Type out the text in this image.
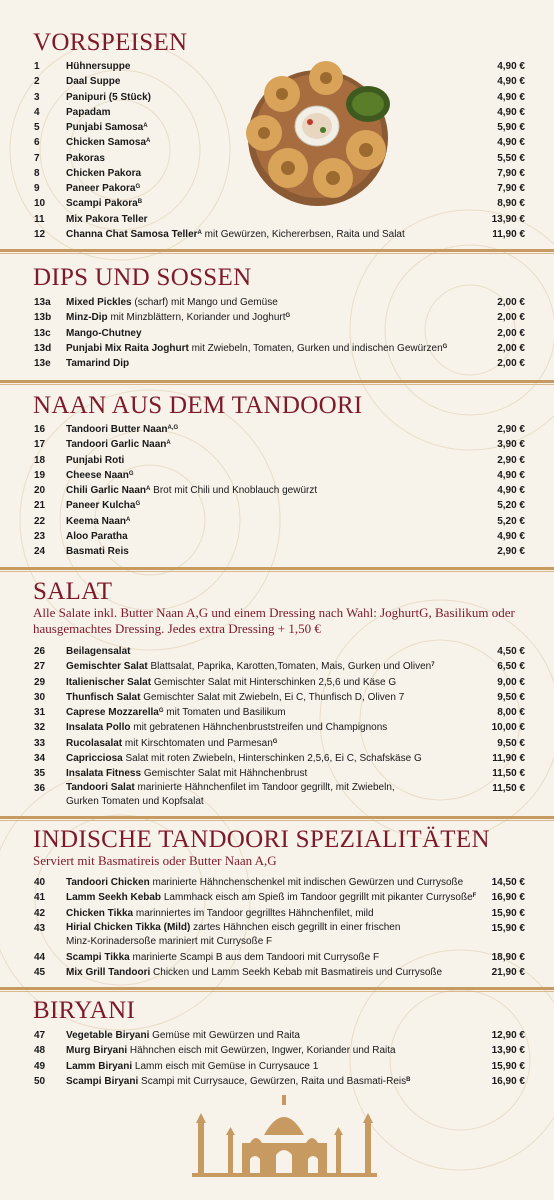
VORSPEISEN
1	Hühnersuppe	4,90 €
2	Daal Suppe	4,90 €
3	Panipuri (5 Stück)	4,90 €
4	Papadam	4,90 €
5	Punjabi Samosa$^A$	5,90 €
6	Chicken Samosa$^A$	4,90 €
7	Pakoras	5,50 €
8	Chicken Pakora	7,90 €
9	Paneer Pakora$^G$	7,90 €
10 Scampi Pakora$^B$	8,90 €
11 Mix Pakora Teller	13,90 €
12 Channa Chat Samosa Teller$^A$ mit Gewürzen, Kichererbsen, Raita und Salat	11,90 €
DIPS UND SOSSEN
13a Mixed Pickles (scharf) mit Mango und Gemüse	2,00 €
13b Minz-Dip mit Minzblättern, Koriander und Joghurt$^G$	2,00 €
13c Mango-Chutney	2,00 €
13d Punjabi Mix Raita Joghurt mit Zwiebeln, Tomaten, Gurken und indischen Gewürzen$^G$	2,00 €
13e Tamarind Dip	2,00 €
NAAN AUS DEM TANDOORI
16 Tandoori Butter Naan$^{A,G}$	2,90 €
17 Tandoori Garlic Naan$^A$	3,90 €
18 Punjabi Roti	2,90 €
19 Cheese Naan$^G$	4,90 €
20 Chili Garlic Naan$^A$ Brot mit Chili und Knoblauch gewürzt	4,90 €
21 Paneer Kulcha$^G$	5,20 €
22 Keema Naan$^A$	5,20 €
23 Aloo Paratha	4,90 €
24 Basmati Reis	2,90 €
SALAT

Alle Salate inkl. Butter Naan A,G und einem Dressing nach Wahl: JoghurtG, Basilikum oder hausgemachtes Dressing. Jedes extra Dressing + 1,50 €

26 Beilagensalat	4,50 €
27 Gemischter Salat Blattsalat, Paprika, Karotten,Tomaten, Mais, Gurken und Oliven$^7$	6,50 €
29 Italienischer Salat Gemischter Salat mit Hinterschinken 2,5,6 und Käse G	9,00 €
30 Thunfisch Salat Gemischter Salat mit Zwiebeln, Ei C, Thunfisch D, Oliven 7	9,50 €
31 Caprese Mozzarella$^G$ mit Tomaten und Basilikum	8,00 €
32 Insalata Pollo mit gebratenen Hähnchenbruststreifen und Champignons	10,00 €
33 Rucolasalat mit Kirschtomaten und Parmesan$^G$	9,50 €
34 Capricciosa Salat mit roten Zwiebeln, Hinterschinken 2,5,6, Ei C, Schafskäse G	11,90 €
35 Insalata Fitness Gemischter Salat mit Hähnchenbrust	11,50 €
36 Tandoori Salat marinierte Hähnchenfilet im Tandoor gegrillt, mit Zwiebeln, Gurken Tomaten und Kopfsalat
11,50 €
INDISCHE TANDOORI SPEZIALITÄTEN

Serviert mit Basmatireis oder Butter Naan A,G

40 Tandoori Chicken marinierte Hähnchenschenkel mit indischen Gewürzen und Currysoße	14,50 €
41 Lamm Seekh Kebab Lammhack eisch am Spieß im Tandoor gegrillt mit pikanter Currysoße$^F$ 16,90 €
42 Chicken Tikka marinniertes im Tandoor gegrilltes Hähnchenfilet, mild	15,90 €
43 Hirial Chicken Tikka (Mild) zartes Hähnchen eisch gegrillt in einer frischen Minz-Korinadersoße mariniert mit Currysoße F
15,90 €
44 Scampi Tikka marinierte Scampi B aus dem Tandoori mit Currysoße F	18,90 €
45 Mix Grill Tandoori Chicken und Lamm Seekh Kebab mit Basmatireis und Currysoße	21,90 €
BIRYANI
47 Vegetable Biryani Gemüse mit Gewürzen und Raita	12,90 €
48 Murg Biryani Hähnchen eisch mit Gewürzen, Ingwer, Koriander und Raita	13,90 €
49 Lamm Biryani Lamm eisch mit Gemüse in Currysauce 1	15,90 €
50 Scampi Biryani Scampi mit Currysauce, Gewürzen, Raita und Basmati-Reis$^B$	16,90 €
